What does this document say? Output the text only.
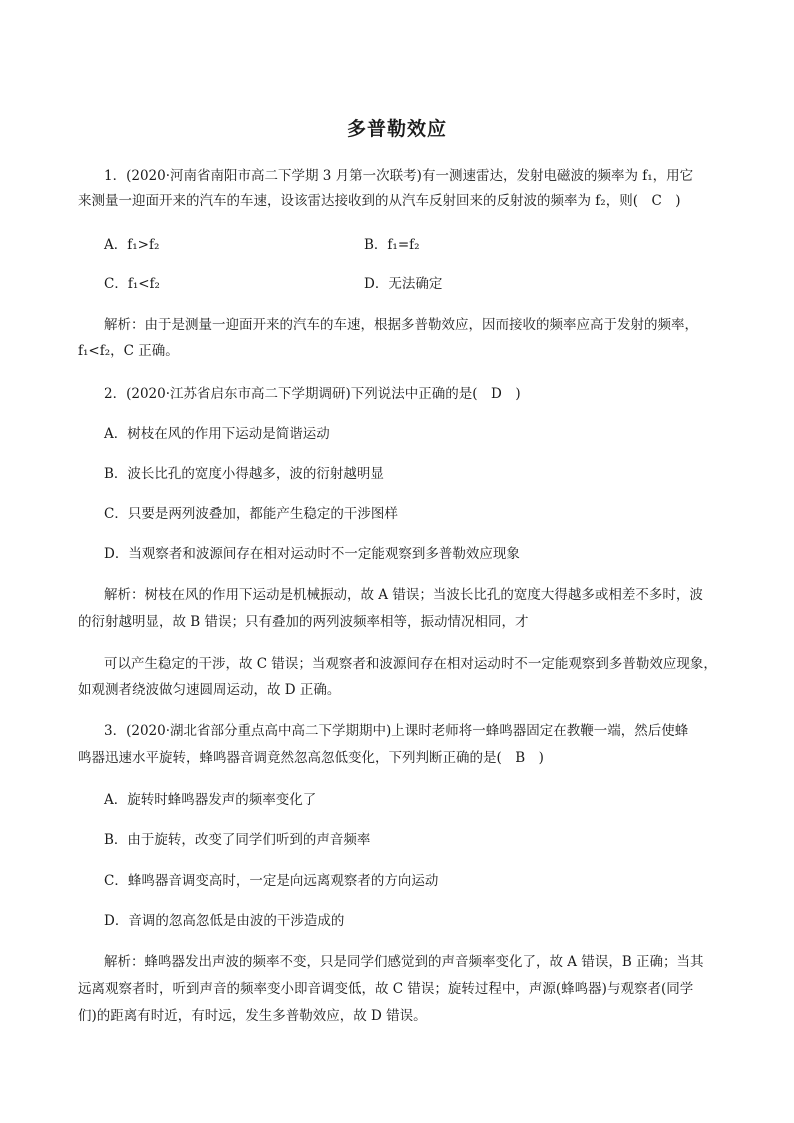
多普勒效应
1．(2020·河南省南阳市高二下学期 3 月第一次联考)有一测速雷达，发射电磁波的频率为 f₁，用它
来测量一迎面开来的汽车的车速，设该雷达接收到的从汽车反射回来的反射波的频率为 f₂，则(　C　)
A．f₁>f₂	B．f₁=f₂
C．f₁<f₂	D．无法确定
解析：由于是测量一迎面开来的汽车的车速，根据多普勒效应，因而接收的频率应高于发射的频率，
f₁<f₂，C 正确。
2．(2020·江苏省启东市高二下学期调研)下列说法中正确的是(　D　)
A．树枝在风的作用下运动是简谐运动
B．波长比孔的宽度小得越多，波的衍射越明显
C．只要是两列波叠加，都能产生稳定的干涉图样
D．当观察者和波源间存在相对运动时不一定能观察到多普勒效应现象
解析：树枝在风的作用下运动是机械振动，故 A 错误；当波长比孔的宽度大得越多或相差不多时，波
的衍射越明显，故 B 错误；只有叠加的两列波频率相等，振动情况相同，才
可以产生稳定的干涉，故 C 错误；当观察者和波源间存在相对运动时不一定能观察到多普勒效应现象，
如观测者绕波做匀速圆周运动，故 D 正确。
3．(2020·湖北省部分重点高中高二下学期期中)上课时老师将一蜂鸣器固定在教鞭一端，然后使蜂
鸣器迅速水平旋转，蜂鸣器音调竟然忽高忽低变化，下列判断正确的是(　B　)
A．旋转时蜂鸣器发声的频率变化了
B．由于旋转，改变了同学们听到的声音频率
C．蜂鸣器音调变高时，一定是向远离观察者的方向运动
D．音调的忽高忽低是由波的干涉造成的
解析：蜂鸣器发出声波的频率不变，只是同学们感觉到的声音频率变化了，故 A 错误，B 正确；当其
远离观察者时，听到声音的频率变小即音调变低，故 C 错误；旋转过程中，声源(蜂鸣器)与观察者(同学
们)的距离有时近，有时远，发生多普勒效应，故 D 错误。
